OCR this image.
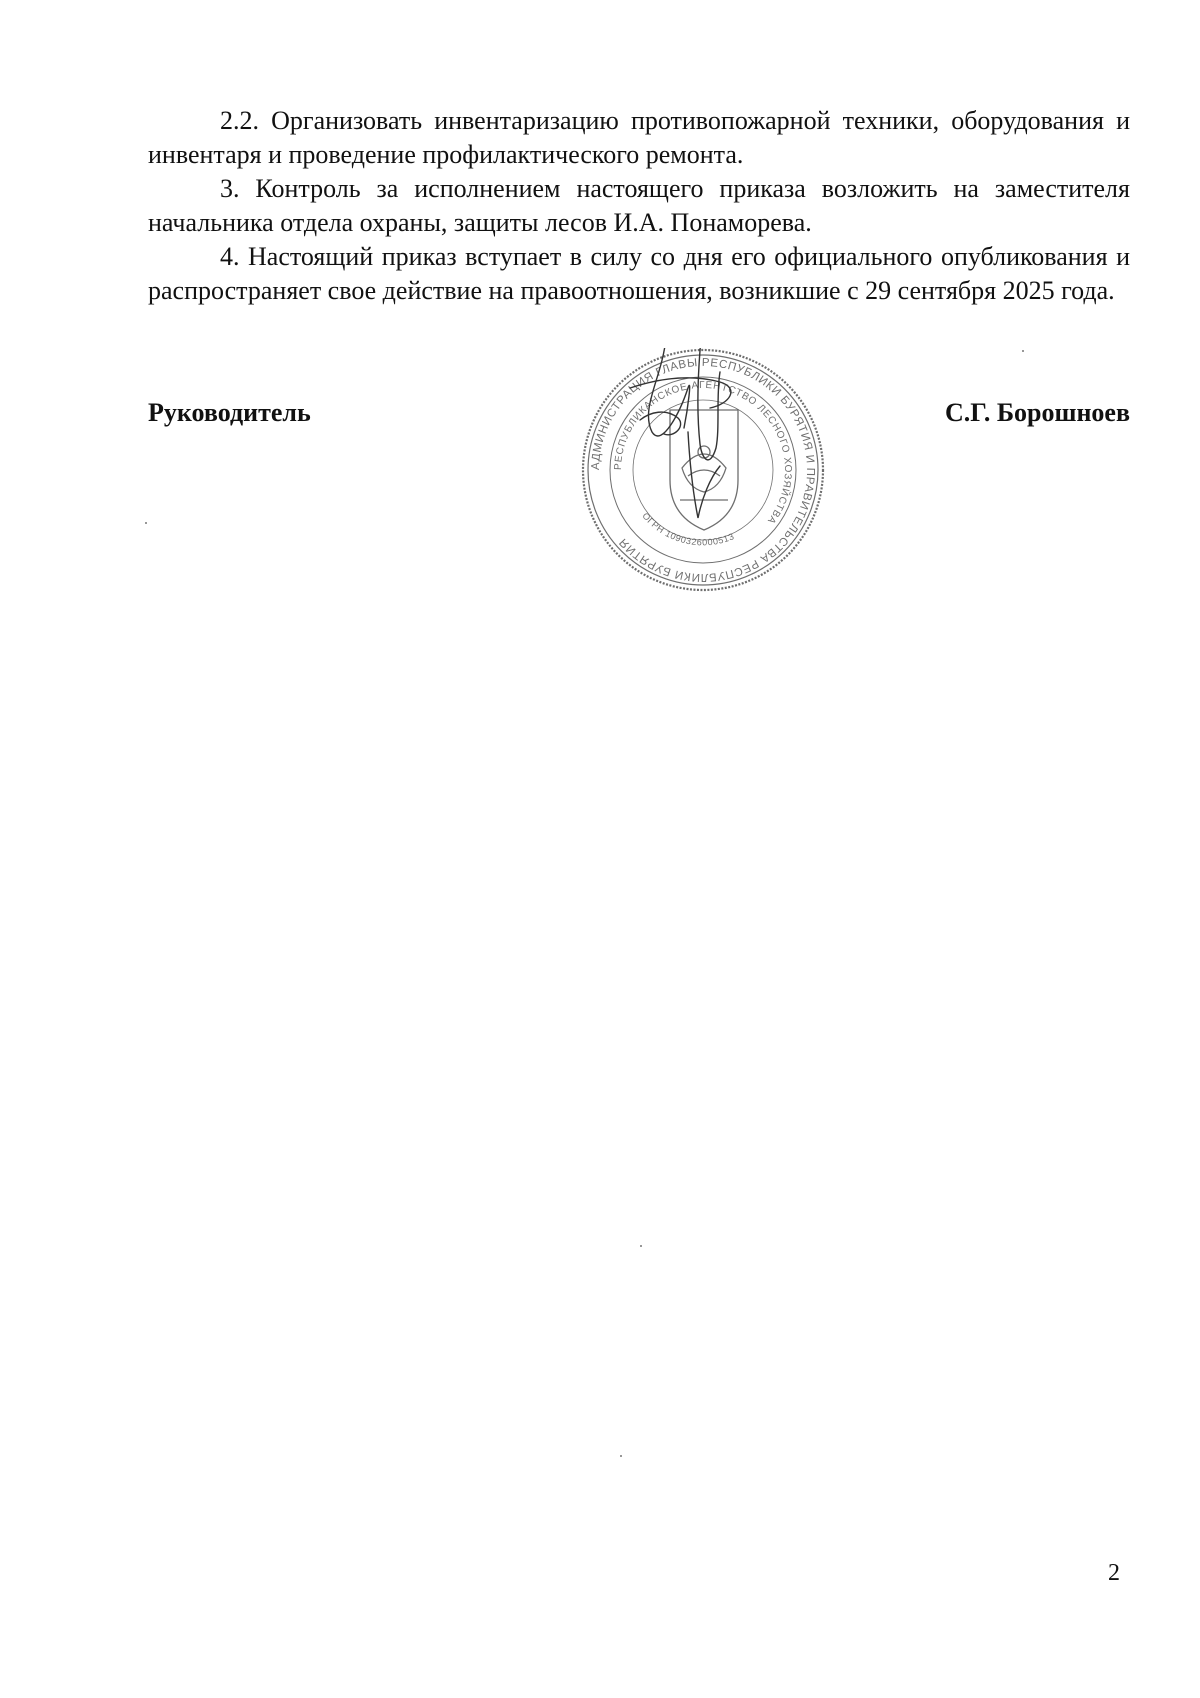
2.2. Организовать инвентаризацию противопожарной техники, оборудования и инвентаря и проведение профилактического ремонта.

3. Контроль за исполнением настоящего приказа возложить на заместителя начальника отдела охраны, защиты лесов И.А. Понаморева.

4. Настоящий приказ вступает в силу со дня его официального опубликования и распространяет свое действие на правоотношения, возникшие с 29 сентября 2025 года.

Руководитель	С.Г. Борошноев
АДМИНИСТРАЦИЯ ГЛАВЫ РЕСПУБЛИКИ БУРЯТИЯ И ПРАВИТЕЛЬСТВА РЕСПУБЛИКИ БУРЯТИЯ
РЕСПУБЛИКАНСКОЕ АГЕНТСТВО ЛЕСНОГО ХОЗЯЙСТВА
ОГРН 1090326000513
2
